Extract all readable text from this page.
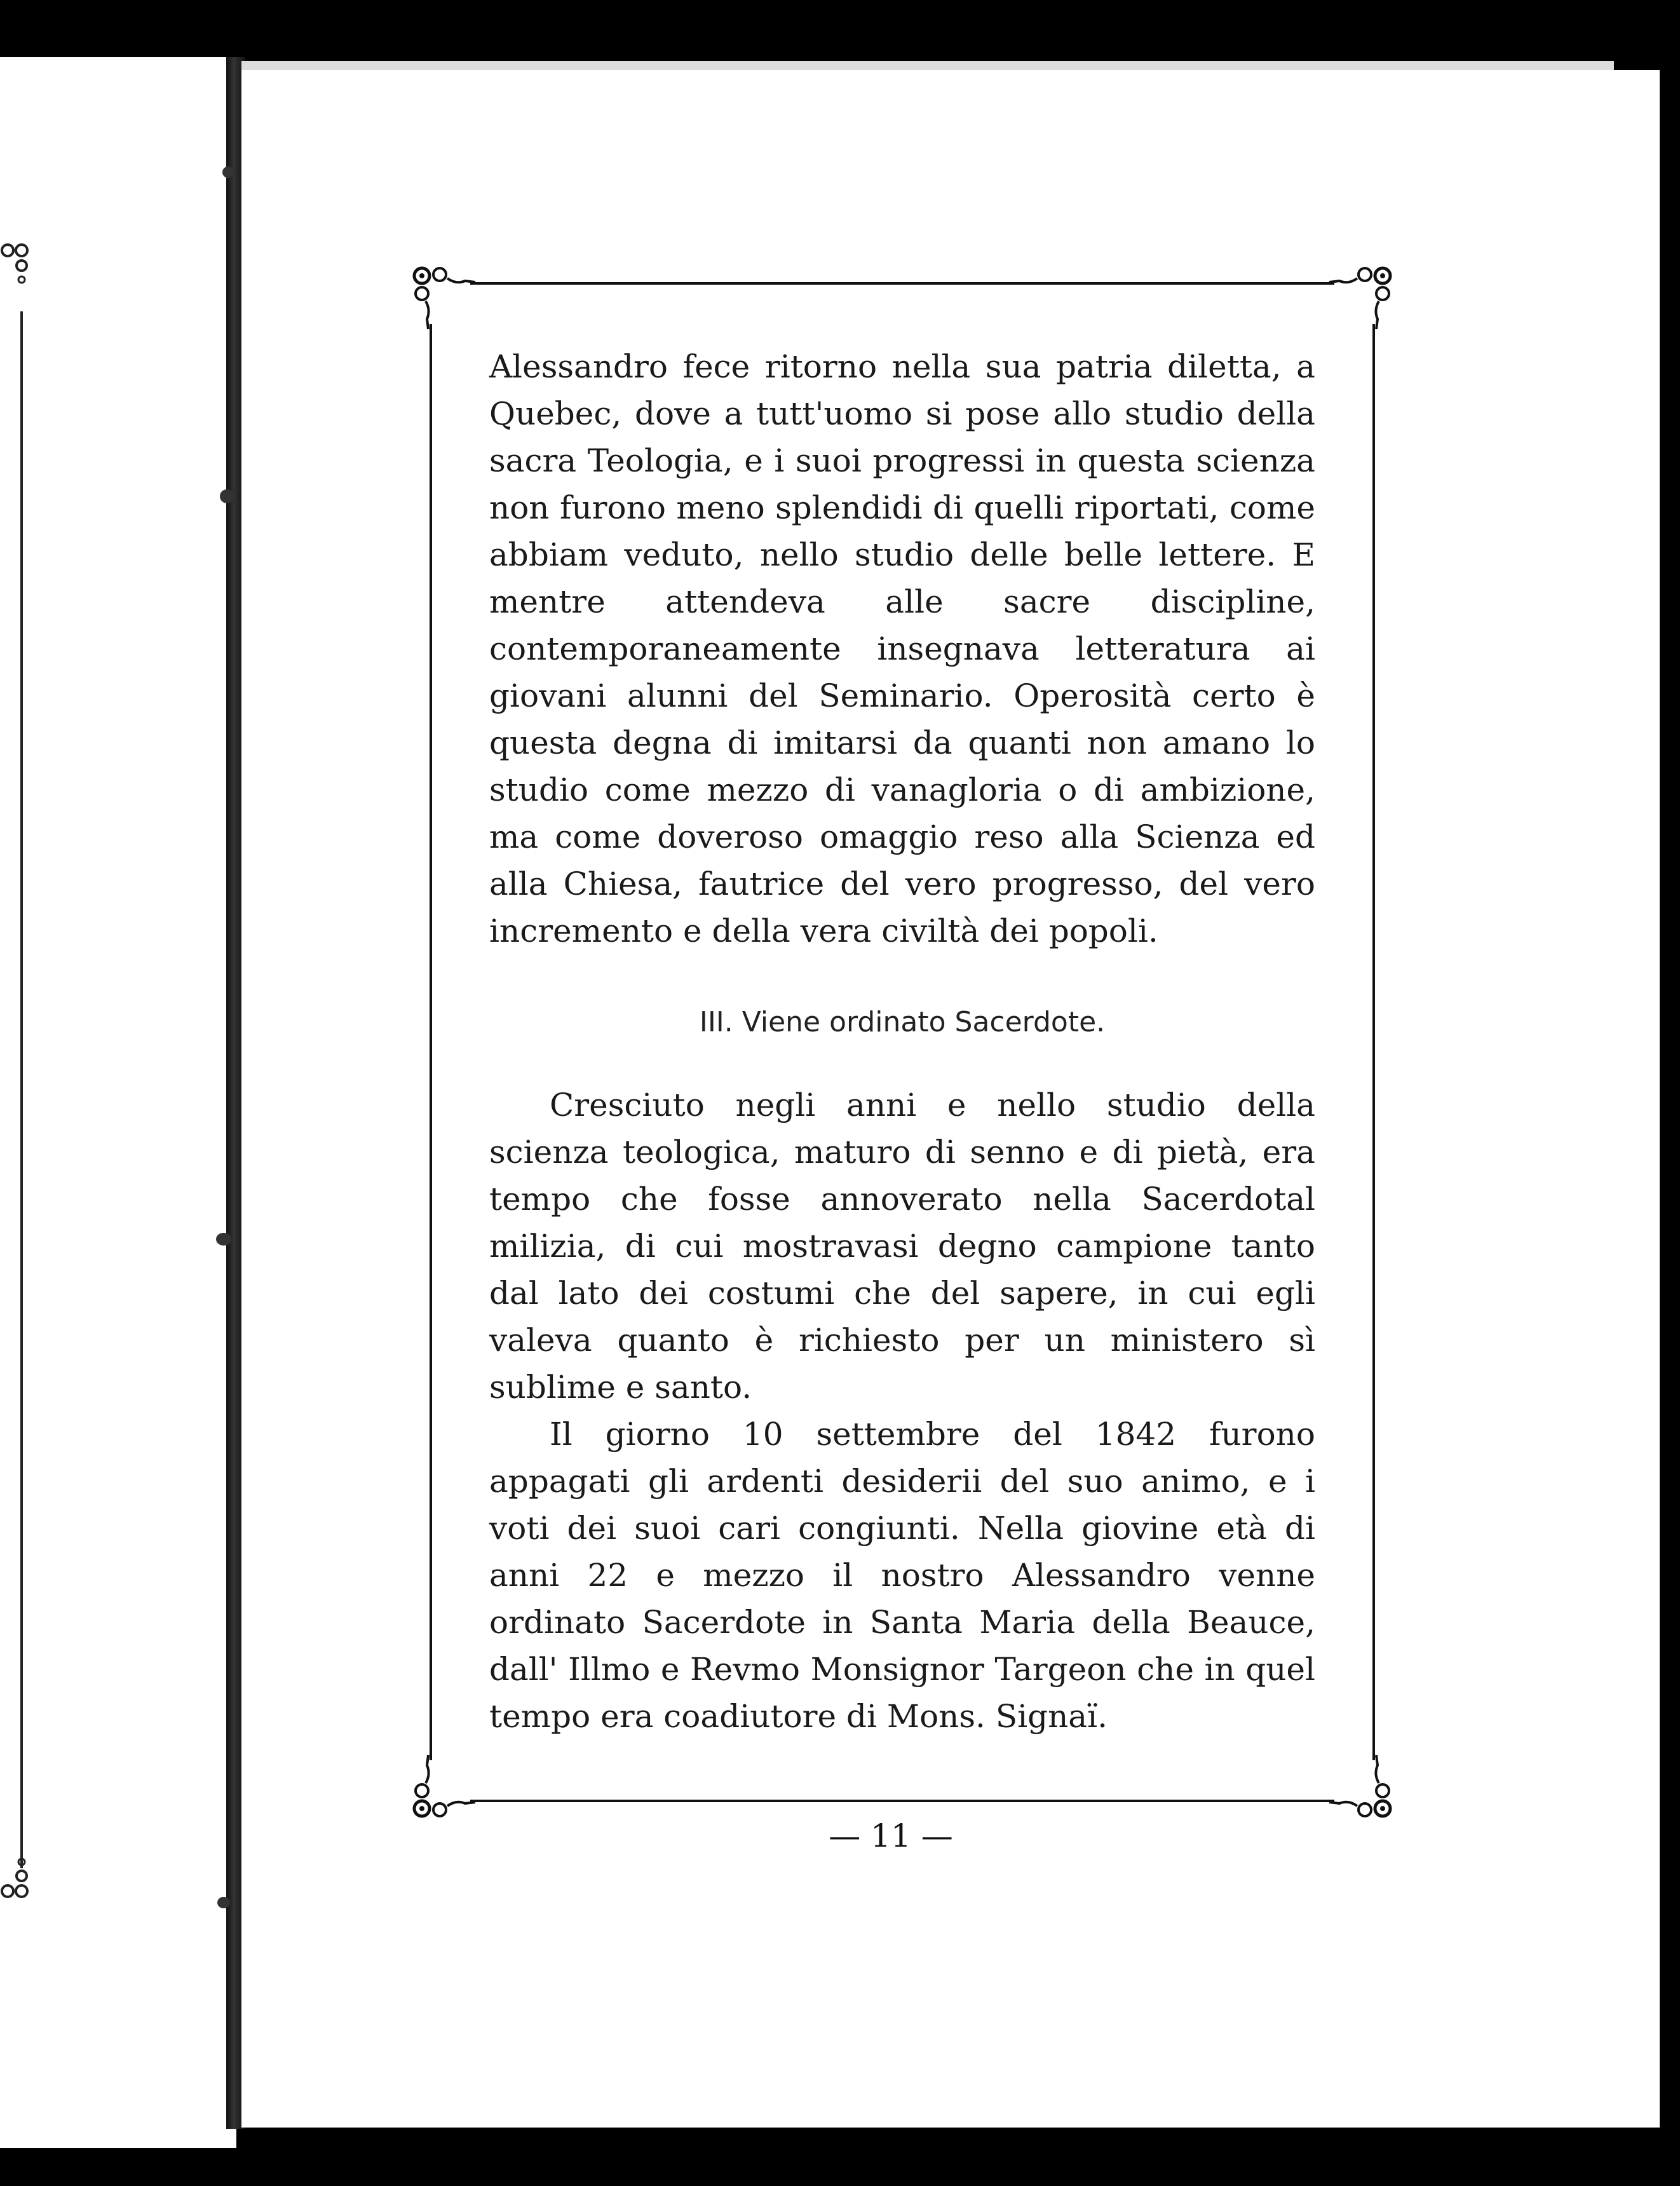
Alessandro fece ritorno nella sua patria diletta, a Quebec, dove a tutt'uomo si pose allo studio della sacra Teologia, e i suoi progressi in questa scienza non furono meno splendidi di quelli riportati, come abbiam veduto, nello studio delle belle lettere. E mentre attendeva alle sacre discipline, contemporaneamente insegnava letteratura ai giovani alunni del Seminario. Operosità certo è questa degna di imitarsi da quanti non amano lo studio come mezzo di vanagloria o di ambizione, ma come doveroso omaggio reso alla Scienza ed alla Chiesa, fautrice del vero progresso, del vero incremento e della vera civiltà dei popoli.

III. Viene ordinato Sacerdote.

Cresciuto negli anni e nello studio della scienza teologica, maturo di senno e di pietà, era tempo che fosse annoverato nella Sacerdotal milizia, di cui mostravasi degno campione tanto dal lato dei costumi che del sapere, in cui egli valeva quanto è richiesto per un ministero sì sublime e santo.

Il giorno 10 settembre del 1842 furono appagati gli ardenti desiderii del suo animo, e i voti dei suoi cari congiunti. Nella giovine età di anni 22 e mezzo il nostro Alessandro venne ordinato Sacerdote in Santa Maria della Beauce, dall' Illmo e Revmo Monsignor Targeon che in quel tempo era coadiutore di Mons. Signaï.

— 11 —
